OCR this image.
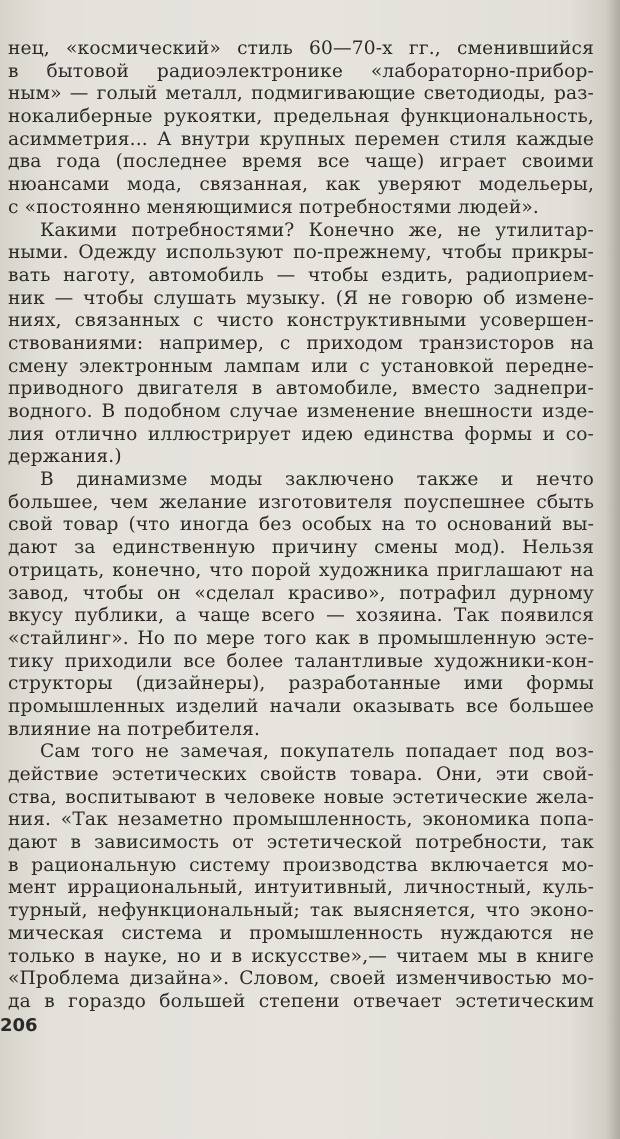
нец, «космический» стиль 60—70-х гг., сменившийся
в бытовой радиоэлектронике «лабораторно-прибор-
ным» — голый металл, подмигивающие светодиоды, раз-
нокалиберные рукоятки, предельная функциональность,
асимметрия... А внутри крупных перемен стиля каждые
два года (последнее время все чаще) играет своими
нюансами мода, связанная, как уверяют модельеры,
с «постоянно меняющимися потребностями людей».
Какими потребностями? Конечно же, не утилитар-
ными. Одежду используют по-прежнему, чтобы прикры-
вать наготу, автомобиль — чтобы ездить, радиоприем-
ник — чтобы слушать музыку. (Я не говорю об измене-
ниях, связанных с чисто конструктивными усовершен-
ствованиями: например, с приходом транзисторов на
смену электронным лампам или с установкой передне-
приводного двигателя в автомобиле, вместо заднепри-
водного. В подобном случае изменение внешности изде-
лия отлично иллюстрирует идею единства формы и со-
держания.)
В динамизме моды заключено также и нечто
большее, чем желание изготовителя поуспешнее сбыть
свой товар (что иногда без особых на то оснований вы-
дают за единственную причину смены мод). Нельзя
отрицать, конечно, что порой художника приглашают на
завод, чтобы он «сделал красиво», потрафил дурному
вкусу публики, а чаще всего — хозяина. Так появился
«стайлинг». Но по мере того как в промышленную эсте-
тику приходили все более талантливые художники-кон-
структоры (дизайнеры), разработанные ими формы
промышленных изделий начали оказывать все большее
влияние на потребителя.
Сам того не замечая, покупатель попадает под воз-
действие эстетических свойств товара. Они, эти свой-
ства, воспитывают в человеке новые эстетические жела-
ния. «Так незаметно промышленность, экономика попа-
дают в зависимость от эстетической потребности, так
в рациональную систему производства включается мо-
мент иррациональный, интуитивный, личностный, куль-
турный, нефункциональный; так выясняется, что эконо-
мическая система и промышленность нуждаются не
только в науке, но и в искусстве»,— читаем мы в книге
«Проблема дизайна». Словом, своей изменчивостью мо-
да в гораздо большей степени отвечает эстетическим
206
